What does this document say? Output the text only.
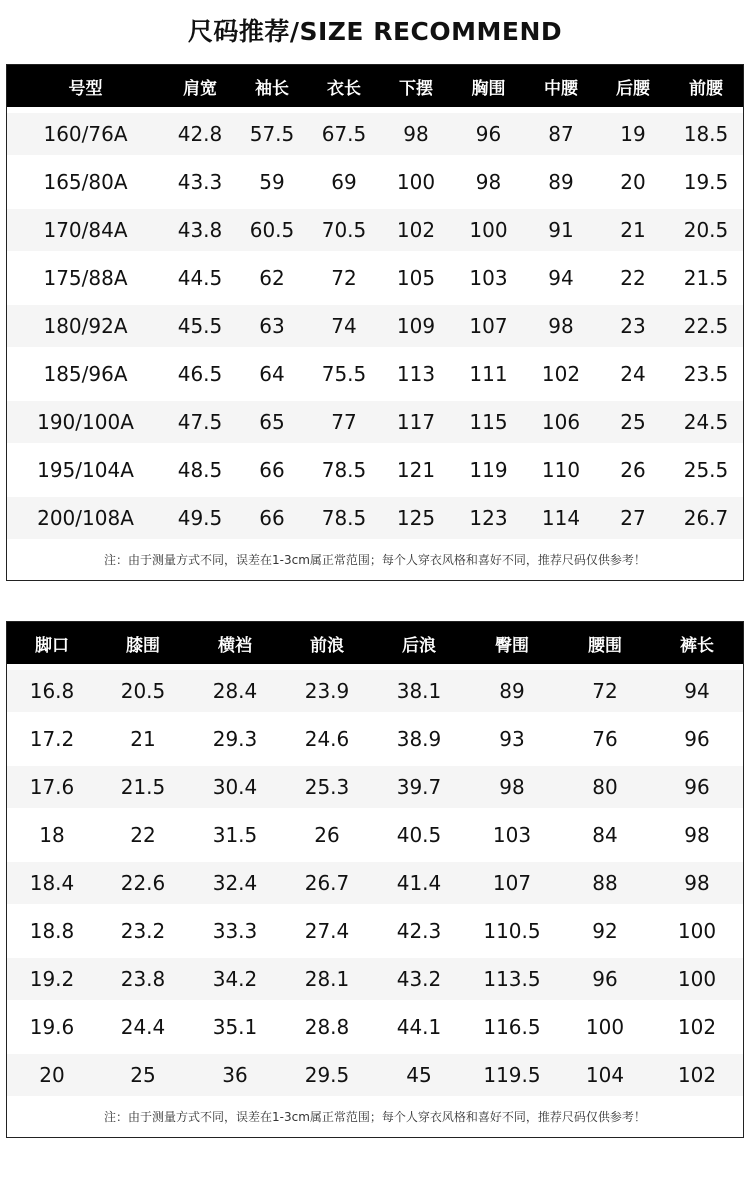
尺码推荐/SIZE RECOMMEND
号型	肩宽	袖长	衣长	下摆	胸围	中腰	后腰	前腰
160/76A	42.8	57.5	67.5	98	96	87	19	18.5
165/80A	43.3	59	69	100	98	89	20	19.5
170/84A	43.8	60.5	70.5	102	100	91	21	20.5
175/88A	44.5	62	72	105	103	94	22	21.5
180/92A	45.5	63	74	109	107	98	23	22.5
185/96A	46.5	64	75.5	113	111	102	24	23.5
190/100A	47.5	65	77	117	115	106	25	24.5
195/104A	48.5	66	78.5	121	119	110	26	25.5
200/108A	49.5	66	78.5	125	123	114	27	26.7
注：由于测量方式不同，误差在1-3cm属正常范围；每个人穿衣风格和喜好不同，推荐尺码仅供参考！
脚口	膝围	横裆	前浪	后浪	臀围	腰围	裤长
16.8	20.5	28.4	23.9	38.1	89	72	94
17.2	21	29.3	24.6	38.9	93	76	96
17.6	21.5	30.4	25.3	39.7	98	80	96
18	22	31.5	26	40.5	103	84	98
18.4	22.6	32.4	26.7	41.4	107	88	98
18.8	23.2	33.3	27.4	42.3	110.5	92	100
19.2	23.8	34.2	28.1	43.2	113.5	96	100
19.6	24.4	35.1	28.8	44.1	116.5	100	102
20	25	36	29.5	45	119.5	104	102
注：由于测量方式不同，误差在1-3cm属正常范围；每个人穿衣风格和喜好不同，推荐尺码仅供参考！
